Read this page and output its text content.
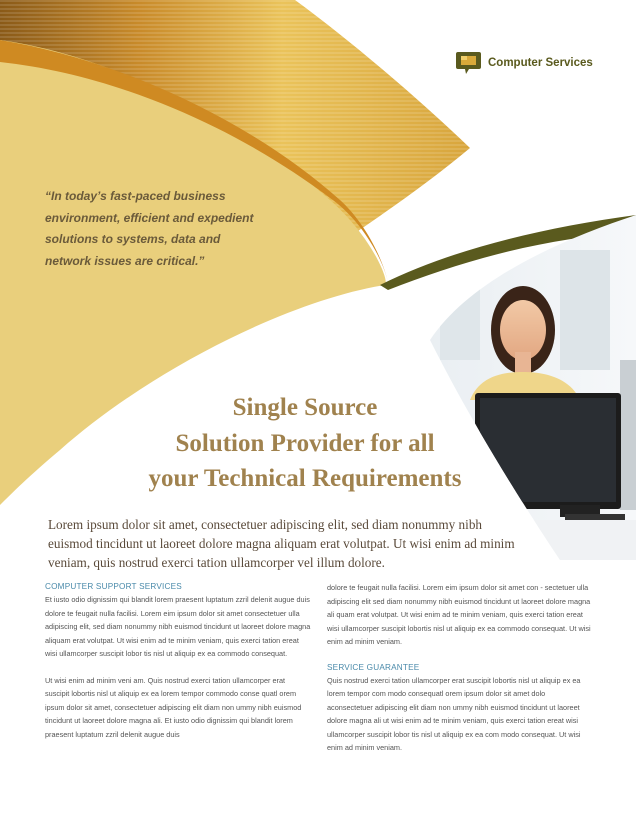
Computer Services

“In today’s fast-paced business environment, efficient and expedient solutions to systems, data and network issues are critical.”

Single Source
Solution Provider for all
your Technical Requirements

Lorem ipsum dolor sit amet, consectetuer adipiscing elit, sed diam nonummy nibh euismod tincidunt ut laoreet dolore magna aliquam erat volutpat. Ut wisi enim ad minim veniam, quis nostrud exerci tation ullamcorper vel illum dolore.

COMPUTER SUPPORT SERVICES

Et iusto odio dignissim qui blandit lorem praesent luptatum zzril delenit augue duis dolore te feugait nulla facilisi. Lorem eim ipsum dolor sit amet consectetuer ulla adipiscing elit, sed diam nonummy nibh euismod tincidunt ut laoreet dolore magna aliquam erat volutpat. Ut wisi enim ad te minim veniam, quis exerci tation ereat wisi ullamcorper suscipit lobor tis nisl ut aliquip ex ea commodo consequat.

Ut wisi enim ad minim veni am. Quis nostrud exerci tation ullamcorper erat suscipit lobortis nisl ut aliquip ex ea lorem tempor commodo conse quatl orem ipsum dolor sit amet, consectetuer adipiscing elit diam non ummy nibh euismod tincidunt ut laoreet dolore magna ali. Et iusto odio dignissim qui blandit lorem praesent luptatum zzril delenit augue duis

dolore te feugait nulla facilisi. Lorem eim ipsum dolor sit amet con - sectetuer ulla adipiscing elit sed diam nonummy nibh euismod tincidunt ut laoreet dolore magna ali quam erat volutpat. Ut wisi enim ad te minim veniam, quis exerci tation ereat wisi ullamcorper suscipit lobortis nisl ut aliquip ex ea commodo consequat. Ut wisi enim ad minim veniam.

SERVICE GUARANTEE

Quis nostrud exerci tation ullamcorper erat suscipit lobortis nisl ut aliquip ex ea lorem tempor com modo consequatl orem ipsum dolor sit amet dolo aconsectetuer adipiscing elit diam non ummy nibh euismod tincidunt ut laoreet dolore magna ali ut wisi enim ad te minim veniam, quis exerci tation ereat wisi ullamcorper suscipit lobor tis nisl ut aliquip ex ea com modo consequat. Ut wisi enim ad minim veniam.
